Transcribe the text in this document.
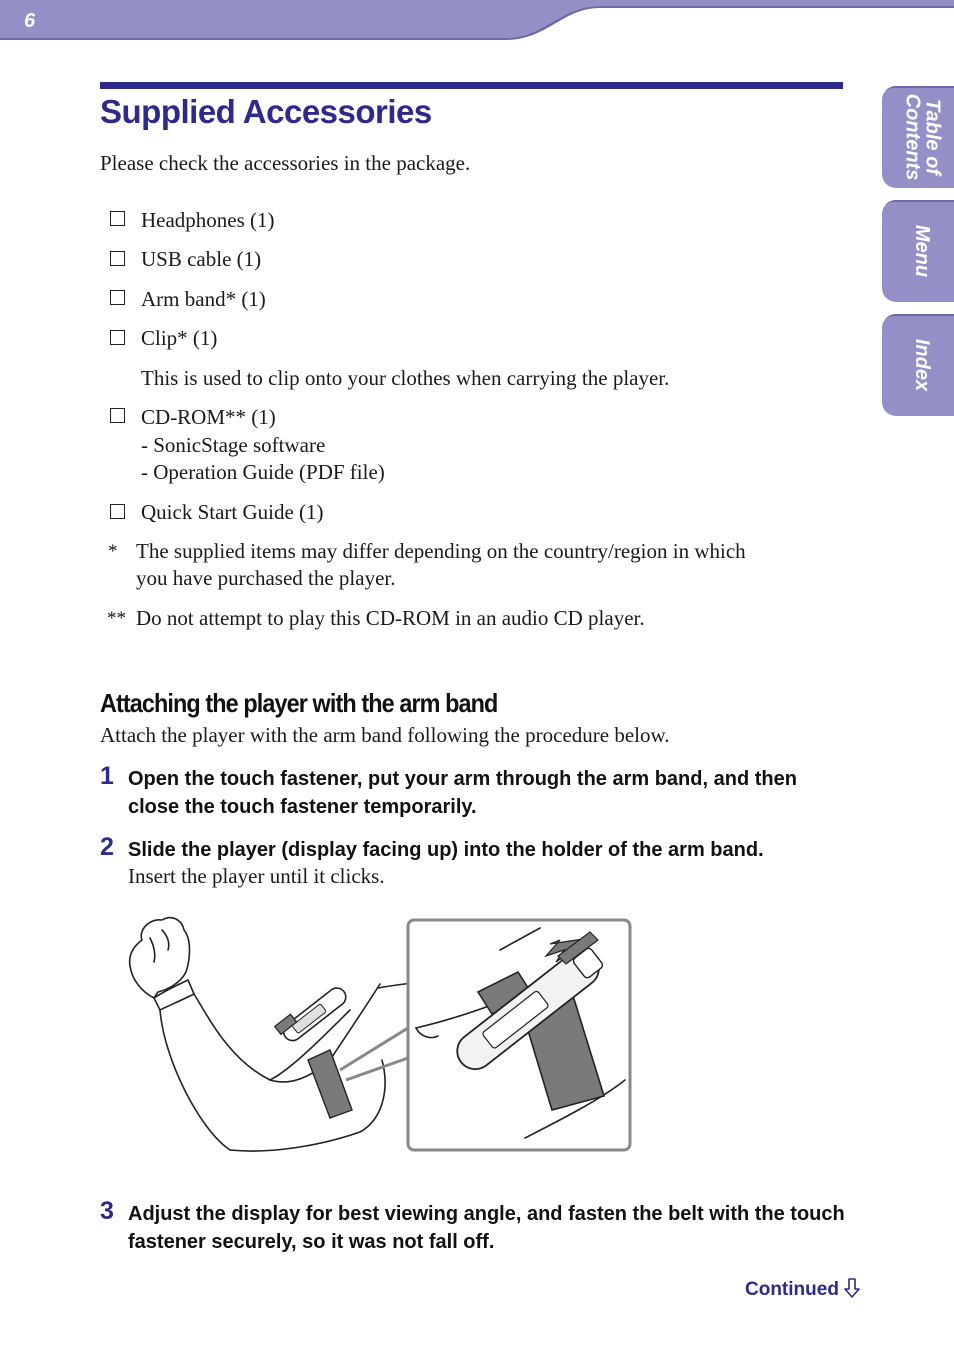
6
Table of
Contents
Menu
Index
Supplied Accessories

Please check the accessories in the package.

Headphones (1)

USB cable (1)

Arm band* (1)

Clip* (1)

This is used to clip onto your clothes when carrying the player.

CD-ROM** (1)

- SonicStage software

- Operation Guide (PDF file)

Quick Start Guide (1)

* The supplied items may differ depending on the country/region in which

you have purchased the player.

** Do not attempt to play this CD-ROM in an audio CD player.

Attaching the player with the arm band

Attach the player with the arm band following the procedure below.

1 Open the touch fastener, put your arm through the arm band, and then close the touch fastener temporarily.

2 Slide the player (display facing up) into the holder of the arm band.

Insert the player until it clicks.

3 Adjust the display for best viewing angle, and fasten the belt with the touch fastener securely, so it was not fall off.

Continued
